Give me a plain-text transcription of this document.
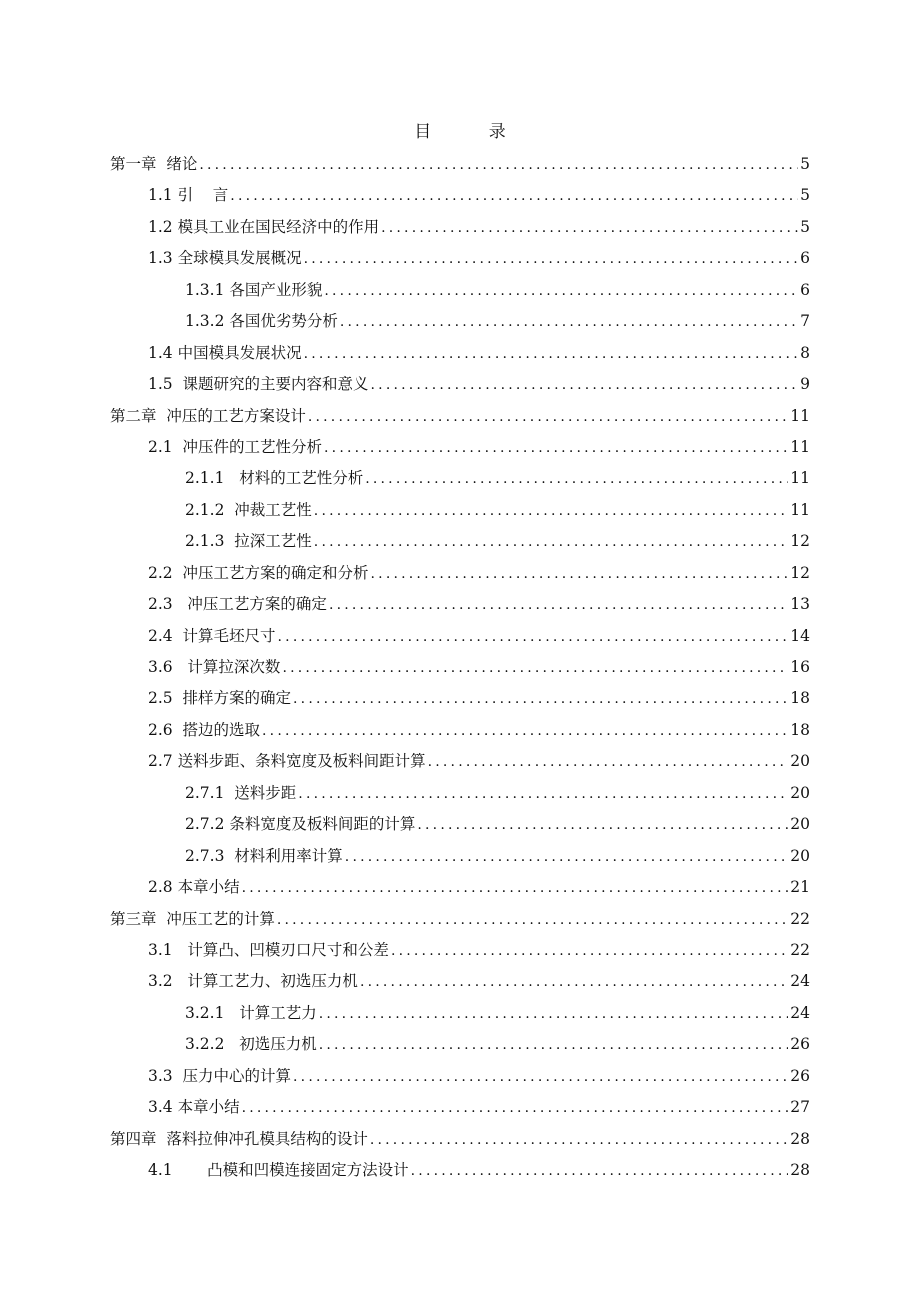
目 录
第一章  绪论 .....	5
1.1 引    言 .....	5
1.2 模具工业在国民经济中的作用 .....	5
1.3 全球模具发展概况 .....	6
1.3.1 各国产业形貌 .....	6
1.3.2 各国优劣势分析 .....	7
1.4 中国模具发展状况 .....	8
1.5  课题研究的主要内容和意义 .....	9
第二章  冲压的工艺方案设计 .....	11
2.1  冲压件的工艺性分析 .....	11
2.1.1   材料的工艺性分析 .....	11
2.1.2  冲裁工艺性 .....	11
2.1.3  拉深工艺性 .....	12
2.2  冲压工艺方案的确定和分析 .....	12
2.3   冲压工艺方案的确定 .....	13
2.4  计算毛坯尺寸 .....	14
3.6   计算拉深次数 .....	16
2.5  排样方案的确定 .....	18
2.6  搭边的选取 .....	18
2.7 送料步距、条料宽度及板料间距计算 .....	20
2.7.1  送料步距 .....	20
2.7.2 条料宽度及板料间距的计算 .....	20
2.7.3  材料利用率计算 .....	20
2.8 本章小结 .....	21
第三章  冲压工艺的计算 .....	22
3.1   计算凸、凹模刃口尺寸和公差 .....	22
3.2   计算工艺力、初选压力机 .....	24
3.2.1   计算工艺力 .....	24
3.2.2   初选压力机 .....	26
3.3  压力中心的计算 .....	26
3.4 本章小结 .....	27
第四章  落料拉伸冲孔模具结构的设计 .....	28
4.1       凸模和凹模连接固定方法设计 .....	28
